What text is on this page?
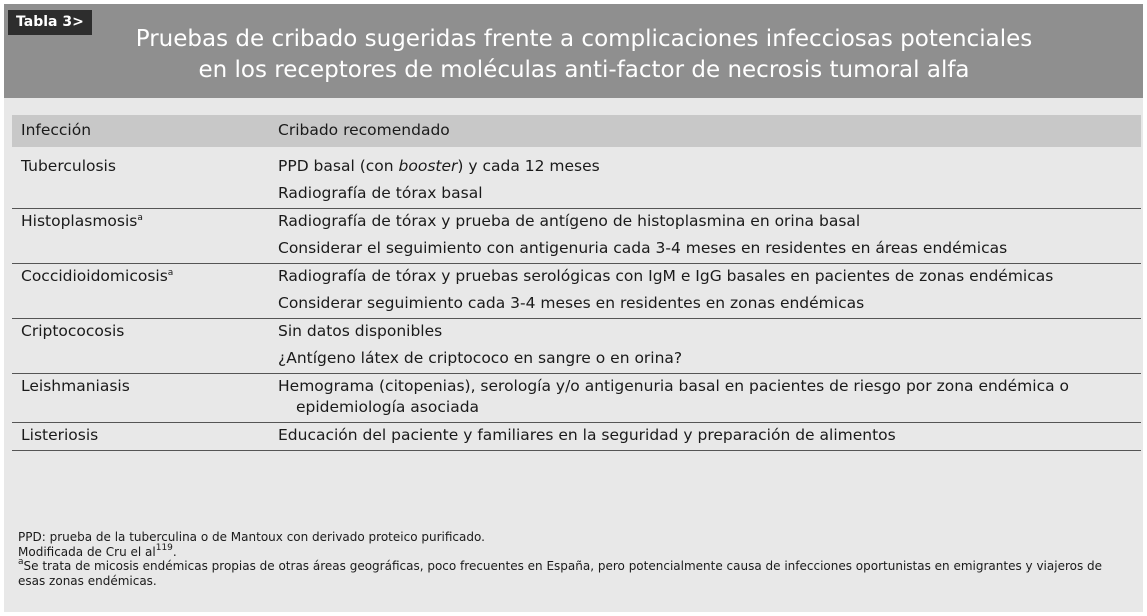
Tabla 3>
Pruebas de cribado sugeridas frente a complicaciones infecciosas potenciales
en los receptores de moléculas anti-factor de necrosis tumoral alfa
Infección	Cribado recomendado

Tuberculosis	PPD basal (con booster) y cada 12 meses
Radiografía de tórax basal

Histoplasmosis$^a$	Radiografía de tórax y prueba de antígeno de histoplasmina en orina basal
Considerar el seguimiento con antigenuria cada 3-4 meses en residentes en áreas endémicas

Coccidioidomicosis$^a$	Radiografía de tórax y pruebas serológicas con IgM e IgG basales en pacientes de zonas endémicas
Considerar seguimiento cada 3-4 meses en residentes en zonas endémicas

Criptococosis	Sin datos disponibles
¿Antígeno látex de criptococo en sangre o en orina?

Leishmaniasis	Hemograma (citopenias), serología y/o antigenuria basal en pacientes de riesgo por zona endémica o epidemiología asociada

Listeriosis	Educación del paciente y familiares en la seguridad y preparación de alimentos
PPD: prueba de la tuberculina o de Mantoux con derivado proteico purificado.
Modificada de Cru el $al^{119}$.
$^a$Se trata de micosis endémicas propias de otras áreas geográficas, poco frecuentes en España, pero potencialmente causa de infecciones oportunistas en emigrantes y viajeros de esas zonas endémicas.
